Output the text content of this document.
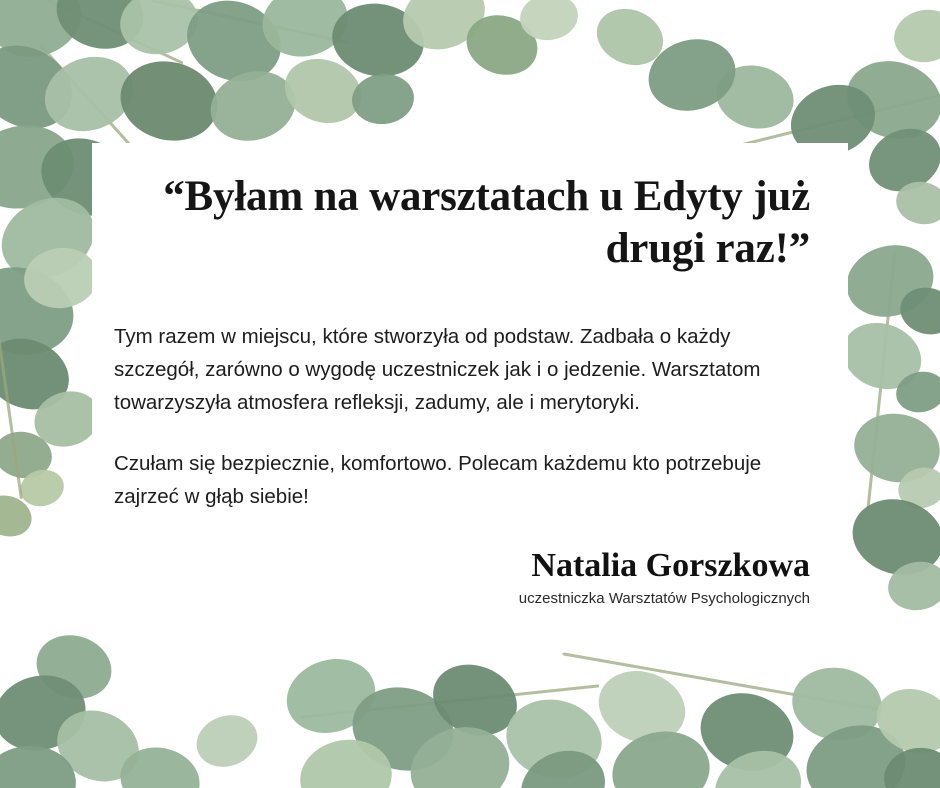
“Byłam na warsztatach u Edyty już drugi raz!”

Tym razem w miejscu, które stworzyła od podstaw. Zadbała o każdy szczegół, zarówno o wygodę uczestniczek jak i o jedzenie. Warsztatom towarzyszyła atmosfera refleksji, zadumy, ale i merytoryki.

Czułam się bezpiecznie, komfortowo. Polecam każdemu kto potrzebuje zajrzeć w głąb siebie!

Natalia Gorszkowa

uczestniczka Warsztatów Psychologicznych
